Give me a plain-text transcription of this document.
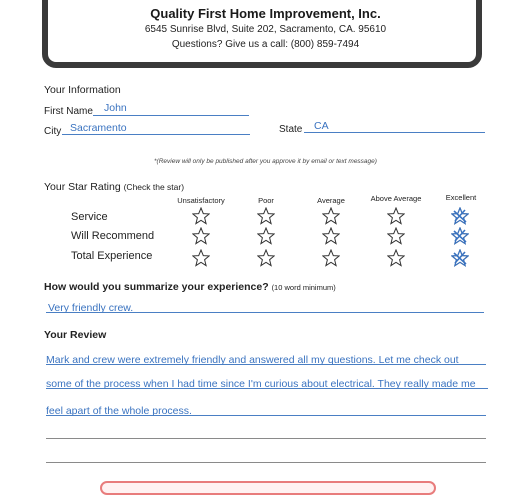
Quality First Home Improvement, Inc.
6545 Sunrise Blvd, Suite 202, Sacramento, CA. 95610
Questions? Give us a call: (800) 859-7494
Your Information
First Name John
City Sacramento	State CA
*(Review will only be published after you approve it by email or text message)
Your Star Rating (Check the star)
Unsatisfactory	Poor	Average	Above Average	Excellent
Service
Will Recommend
Total Experience
How would you summarize your experience? (10 word minimum)
Very friendly crew.
Your Review
Mark and crew were extremely friendly and answered all my questions. Let me check out
some of the process when I had time since I'm curious about electrical. They really made me
feel apart of the whole process.
